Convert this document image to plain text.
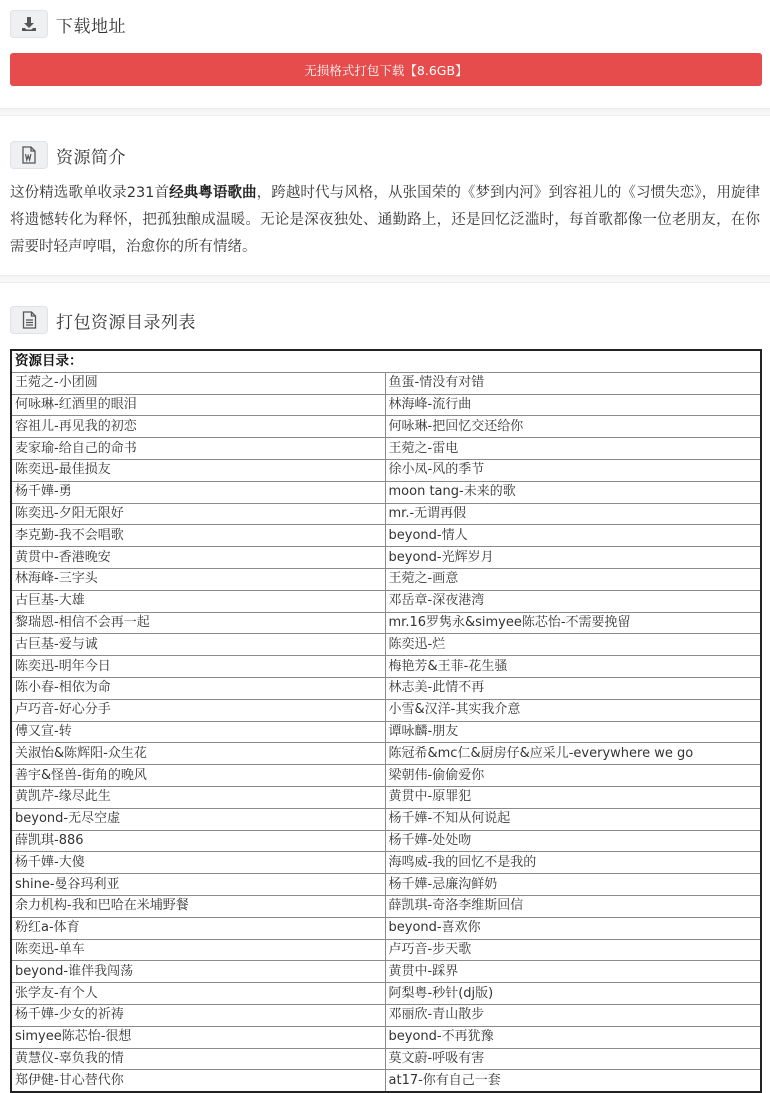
下载地址
无损格式打包下载【8.6GB】
资源简介

这份精选歌单收录231首经典粤语歌曲，跨越时代与风格，从张国荣的《梦到内河》到容祖儿的《习惯失恋》，用旋律将遗憾转化为释怀，把孤独酿成温暖。无论是深夜独处、通勤路上，还是回忆泛滥时，每首歌都像一位老朋友，在你需要时轻声哼唱，治愈你的所有情绪。

打包资源目录列表
资源目录：	
王菀之-小团圆	鱼蛋-情没有对错
何咏琳-红酒里的眼泪	林海峰-流行曲
容祖儿-再见我的初恋	何咏琳-把回忆交还给你
麦家瑜-给自己的命书	王菀之-雷电
陈奕迅-最佳损友	徐小凤-风的季节
杨千嬅-勇	moon tang-未来的歌
陈奕迅-夕阳无限好	mr.-无谓再假
李克勤-我不会唱歌	beyond-情人
黄贯中-香港晚安	beyond-光辉岁月
林海峰-三字头	王菀之-画意
古巨基-大雄	邓岳章-深夜港湾
黎瑞恩-相信不会再一起	mr.16罗隽永&simyee陈芯怡-不需要挽留
古巨基-爱与诚	陈奕迅-烂
陈奕迅-明年今日	梅艳芳&王菲-花生骚
陈小春-相依为命	林志美-此情不再
卢巧音-好心分手	小雪&汉洋-其实我介意
傅又宣-转	谭咏麟-朋友
关淑怡&陈辉阳-众生花	陈冠希&mc仁&厨房仔&应采儿-everywhere we go
善宇&怪兽-街角的晚风	梁朝伟-偷偷爱你
黄凯芹-缘尽此生	黄贯中-原罪犯
beyond-无尽空虚	杨千嬅-不知从何说起
薛凯琪-886	杨千嬅-处处吻
杨千嬅-大傻	海鸣威-我的回忆不是我的
shine-曼谷玛利亚	杨千嬅-忌廉沟鲜奶
余力机构-我和巴哈在米埔野餐	薛凯琪-奇洛李维斯回信
粉红a-体育	beyond-喜欢你
陈奕迅-单车	卢巧音-步天歌
beyond-谁伴我闯荡	黄贯中-踩界
张学友-有个人	阿梨粤-秒针(dj版)
杨千嬅-少女的祈祷	邓丽欣-青山散步
simyee陈芯怡-很想	beyond-不再犹豫
黄慧仪-辜负我的情	莫文蔚-呼吸有害
郑伊健-甘心替代你	at17-你有自己一套
